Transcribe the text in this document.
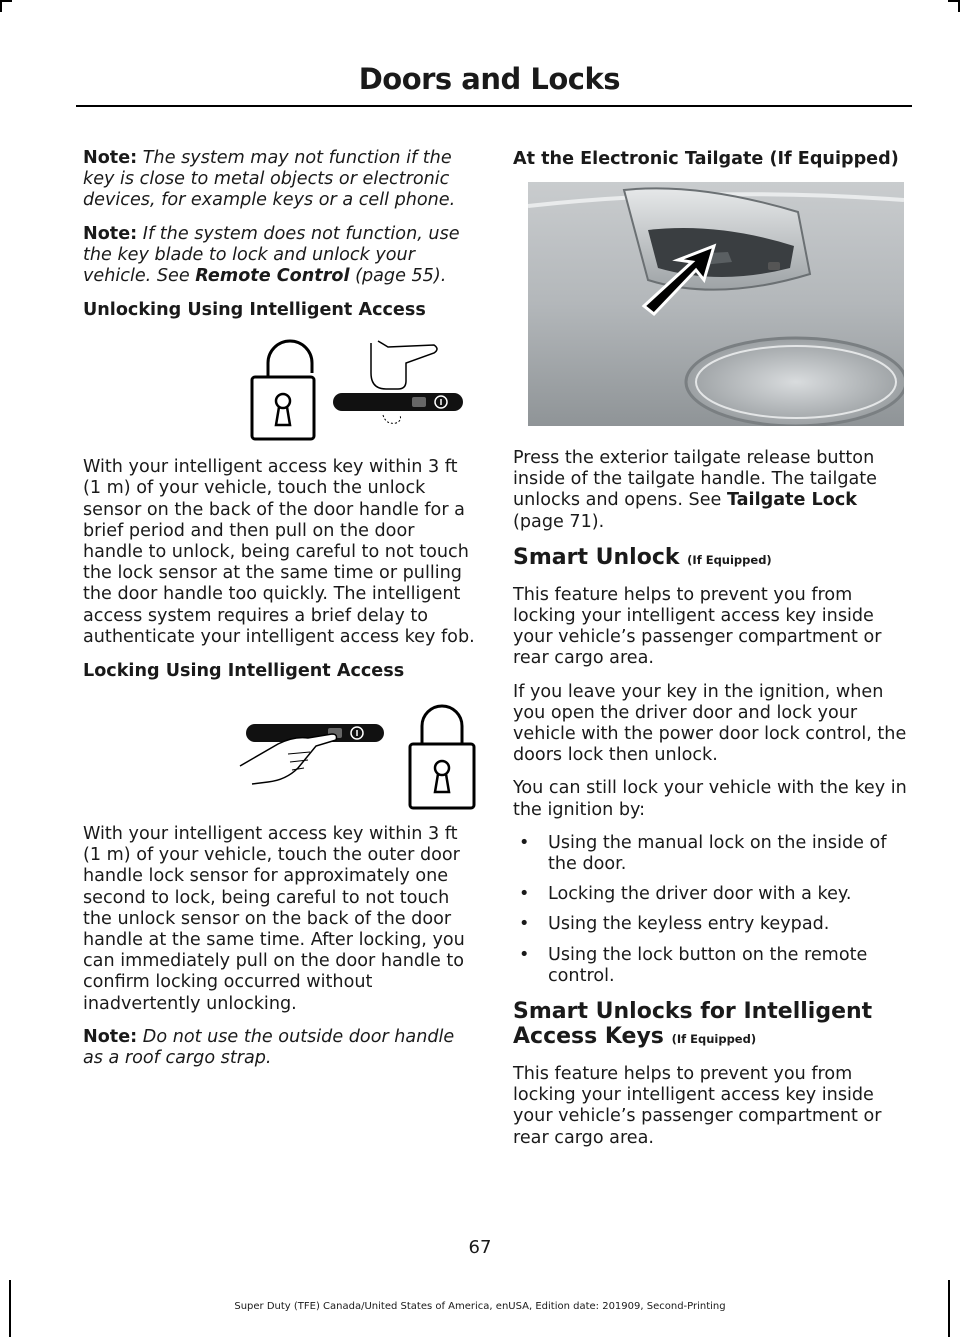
Doors and Locks

Note: The system may not function if the key is close to metal objects or electronic devices, for example keys or a cell phone.

Note: If the system does not function, use the key blade to lock and unlock your vehicle. See Remote Control (page 55).

Unlocking Using Intelligent Access

With your intelligent access key within 3 ft (1 m) of your vehicle, touch the unlock sensor on the back of the door handle for a brief period and then pull on the door handle to unlock, being careful to not touch the lock sensor at the same time or pulling the door handle too quickly. The intelligent access system requires a brief delay to authenticate your intelligent access key fob.

Locking Using Intelligent Access

With your intelligent access key within 3 ft (1 m) of your vehicle, touch the outer door handle lock sensor for approximately one second to lock, being careful to not touch the unlock sensor on the back of the door handle at the same time. After locking, you can immediately pull on the door handle to confirm locking occurred without inadvertently unlocking.

Note: Do not use the outside door handle as a roof cargo strap.

At the Electronic Tailgate (If Equipped)

Press the exterior tailgate release button inside of the tailgate handle. The tailgate unlocks and opens. See Tailgate Lock (page 71).

Smart Unlock (If Equipped)

This feature helps to prevent you from locking your intelligent access key inside your vehicle’s passenger compartment or rear cargo area.

If you leave your key in the ignition, when you open the driver door and lock your vehicle with the power door lock control, the doors lock then unlock.

You can still lock your vehicle with the key in the ignition by:

• Using the manual lock on the inside of the door.
• Locking the driver door with a key.
• Using the keyless entry keypad.
• Using the lock button on the remote control.
Smart Unlocks for Intelligent Access Keys (If Equipped)

This feature helps to prevent you from locking your intelligent access key inside your vehicle’s passenger compartment or rear cargo area.

67
Super Duty (TFE) Canada/United States of America, enUSA, Edition date: 201909, Second-Printing
